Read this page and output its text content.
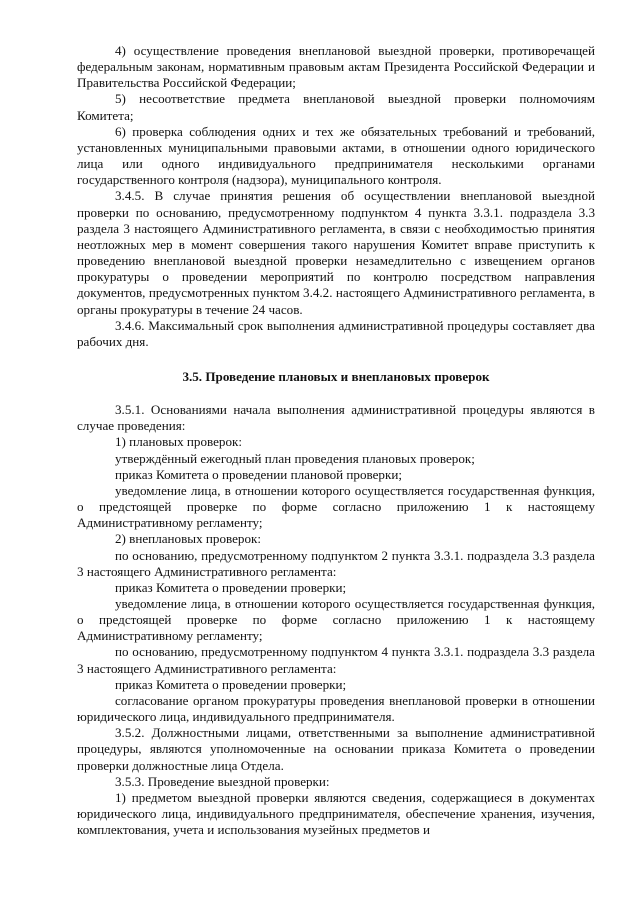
4) осуществление проведения внеплановой выездной проверки, противоречащей федеральным законам, нормативным правовым актам Президента Российской Федерации и Правительства Российской Федерации;

5) несоответствие предмета внеплановой выездной проверки полномочиям Комитета;

6) проверка соблюдения одних и тех же обязательных требований и требований, установленных муниципальными правовыми актами, в отношении одного юридического лица или одного индивидуального предпринимателя несколькими органами государственного контроля (надзора), муниципального контроля.

3.4.5. В случае принятия решения об осуществлении внеплановой выездной проверки по основанию, предусмотренному подпунктом 4 пункта 3.3.1. подраздела 3.3 раздела 3 настоящего Административного регламента, в связи с необходимостью принятия неотложных мер в момент совершения такого нарушения Комитет вправе приступить к проведению внеплановой выездной проверки незамедлительно с извещением органов прокуратуры о проведении мероприятий по контролю посредством направления документов, предусмотренных пунктом 3.4.2. настоящего Административного регламента, в органы прокуратуры в течение 24 часов.

3.4.6. Максимальный срок выполнения административной процедуры составляет два рабочих дня.

3.5. Проведение плановых и внеплановых проверок

3.5.1. Основаниями начала выполнения административной процедуры являются в случае проведения:

1) плановых проверок:

утверждённый ежегодный план проведения плановых проверок;

приказ Комитета о проведении плановой проверки;

уведомление лица, в отношении которого осуществляется государственная функция, о предстоящей проверке по форме согласно приложению 1 к настоящему Административному регламенту;

2) внеплановых проверок:

по основанию, предусмотренному подпунктом 2 пункта 3.3.1. подраздела 3.3 раздела 3 настоящего Административного регламента:

приказ Комитета о проведении проверки;

уведомление лица, в отношении которого осуществляется государственная функция, о предстоящей проверке по форме согласно приложению 1 к настоящему Административному регламенту;

по основанию, предусмотренному подпунктом 4 пункта 3.3.1. подраздела 3.3 раздела 3 настоящего Административного регламента:

приказ Комитета о проведении проверки;

согласование органом прокуратуры проведения внеплановой проверки в отношении юридического лица, индивидуального предпринимателя.

3.5.2. Должностными лицами, ответственными за выполнение административной процедуры, являются уполномоченные на основании приказа Комитета о проведении проверки должностные лица Отдела.

3.5.3. Проведение выездной проверки:

1) предметом выездной проверки являются сведения, содержащиеся в документах юридического лица, индивидуального предпринимателя, обеспечение хранения, изучения, комплектования, учета и использования музейных предметов и
